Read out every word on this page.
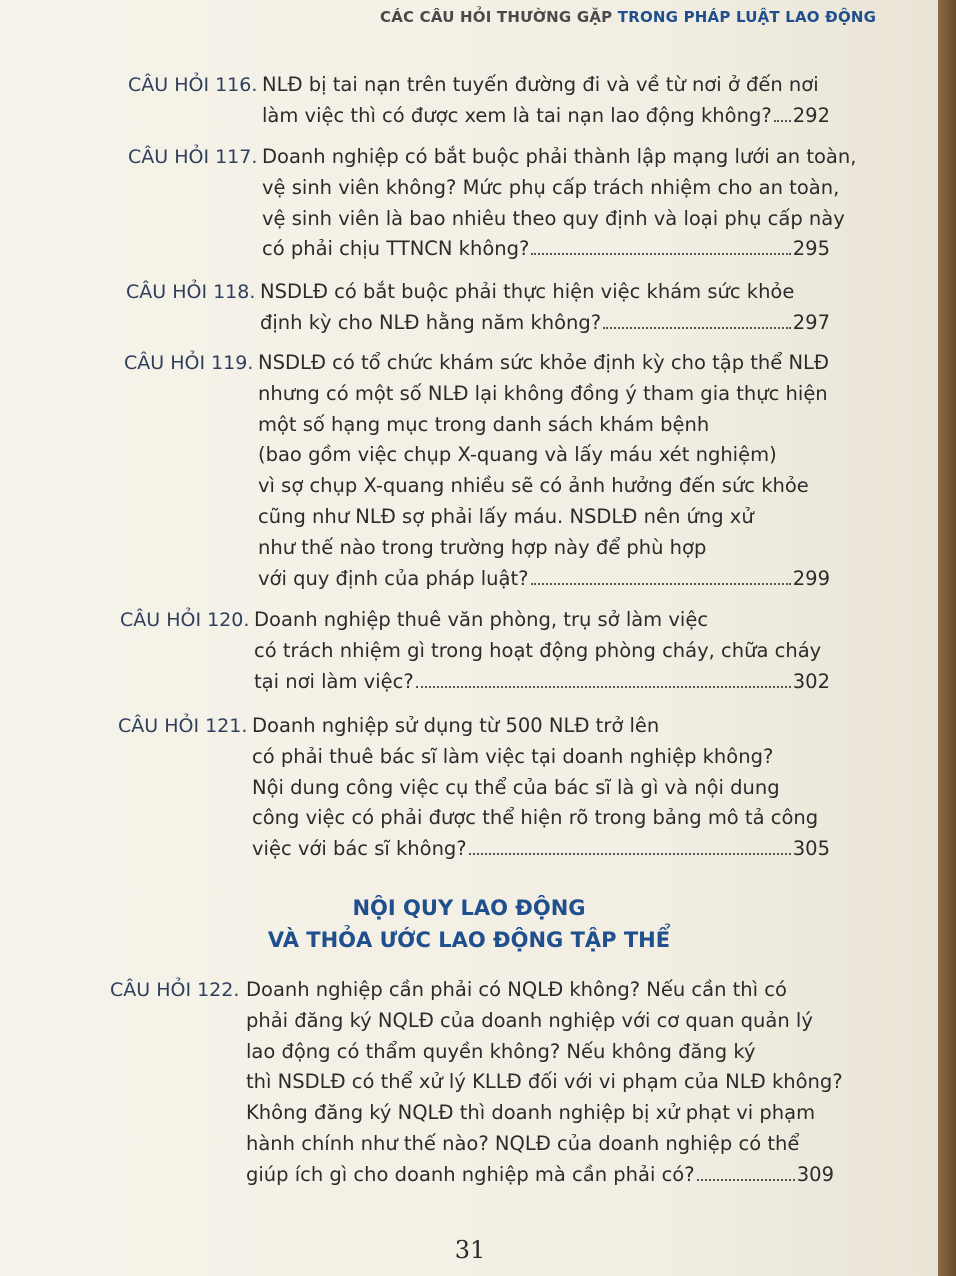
CÁC CÂU HỎI THƯỜNG GẶP TRONG PHÁP LUẬT LAO ĐỘNG
NỘI QUY LAO ĐỘNG
VÀ THỎA ƯỚC LAO ĐỘNG TẬP THỂ
31
CÂU HỎI 116. NLĐ bị tai nạn trên tuyến đường đi và về từ nơi ở đến nơi
làm việc thì có được xem là tai nạn lao động không? 292
CÂU HỎI 117. Doanh nghiệp có bắt buộc phải thành lập mạng lưới an toàn,
vệ sinh viên không? Mức phụ cấp trách nhiệm cho an toàn,
vệ sinh viên là bao nhiêu theo quy định và loại phụ cấp này
có phải chịu TTNCN không?	295
CÂU HỎI 118. NSDLĐ có bắt buộc phải thực hiện việc khám sức khỏe
định kỳ cho NLĐ hằng năm không?	297
CÂU HỎI 119. NSDLĐ có tổ chức khám sức khỏe định kỳ cho tập thể NLĐ
nhưng có một số NLĐ lại không đồng ý tham gia thực hiện
một số hạng mục trong danh sách khám bệnh
(bao gồm việc chụp X-quang và lấy máu xét nghiệm)
vì sợ chụp X-quang nhiều sẽ có ảnh hưởng đến sức khỏe
cũng như NLĐ sợ phải lấy máu. NSDLĐ nên ứng xử
như thế nào trong trường hợp này để phù hợp
với quy định của pháp luật?	299
CÂU HỎI 120. Doanh nghiệp thuê văn phòng, trụ sở làm việc
có trách nhiệm gì trong hoạt động phòng cháy, chữa cháy
tại nơi làm việc?	302
CÂU HỎI 121. Doanh nghiệp sử dụng từ 500 NLĐ trở lên
có phải thuê bác sĩ làm việc tại doanh nghiệp không?
Nội dung công việc cụ thể của bác sĩ là gì và nội dung
công việc có phải được thể hiện rõ trong bảng mô tả công
việc với bác sĩ không?	305
CÂU HỎI 122. Doanh nghiệp cần phải có NQLĐ không? Nếu cần thì có
phải đăng ký NQLĐ của doanh nghiệp với cơ quan quản lý
lao động có thẩm quyền không? Nếu không đăng ký
thì NSDLĐ có thể xử lý KLLĐ đối với vi phạm của NLĐ không?
Không đăng ký NQLĐ thì doanh nghiệp bị xử phạt vi phạm
hành chính như thế nào? NQLĐ của doanh nghiệp có thể
giúp ích gì cho doanh nghiệp mà cần phải có?	309
